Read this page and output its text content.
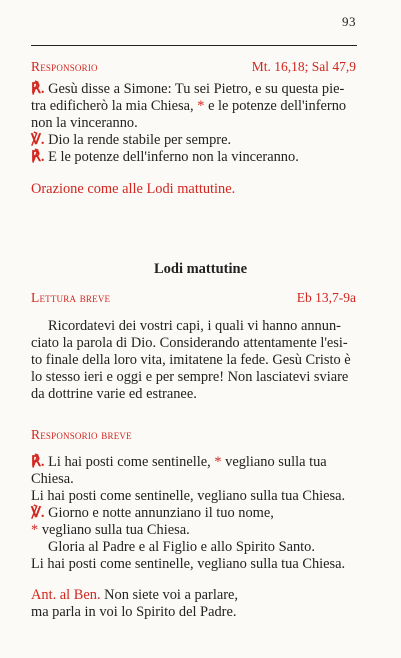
93
Responsorio	Mt. 16,18; Sal 47,9
℟. Gesù disse a Simone: Tu sei Pietro, e su questa pie-
tra edificherò la mia Chiesa, * e le potenze dell'inferno
non la vinceranno.
℣. Dio la rende stabile per sempre.
℟. E le potenze dell'inferno non la vinceranno.
Orazione come alle Lodi mattutine.
Lodi mattutine
Lettura breve	Eb 13,7-9a
Ricordatevi dei vostri capi, i quali vi hanno annun-
ciato la parola di Dio. Considerando attentamente l'esi-
to finale della loro vita, imitatene la fede. Gesù Cristo è
lo stesso ieri e oggi e per sempre! Non lasciatevi sviare
da dottrine varie ed estranee.
Responsorio breve
℟. Li hai posti come sentinelle, * vegliano sulla tua
Chiesa.
Li hai posti come sentinelle, vegliano sulla tua Chiesa.
℣. Giorno e notte annunziano il tuo nome,
* vegliano sulla tua Chiesa.
Gloria al Padre e al Figlio e allo Spirito Santo.
Li hai posti come sentinelle, vegliano sulla tua Chiesa.
Ant. al Ben. Non siete voi a parlare,
ma parla in voi lo Spirito del Padre.
